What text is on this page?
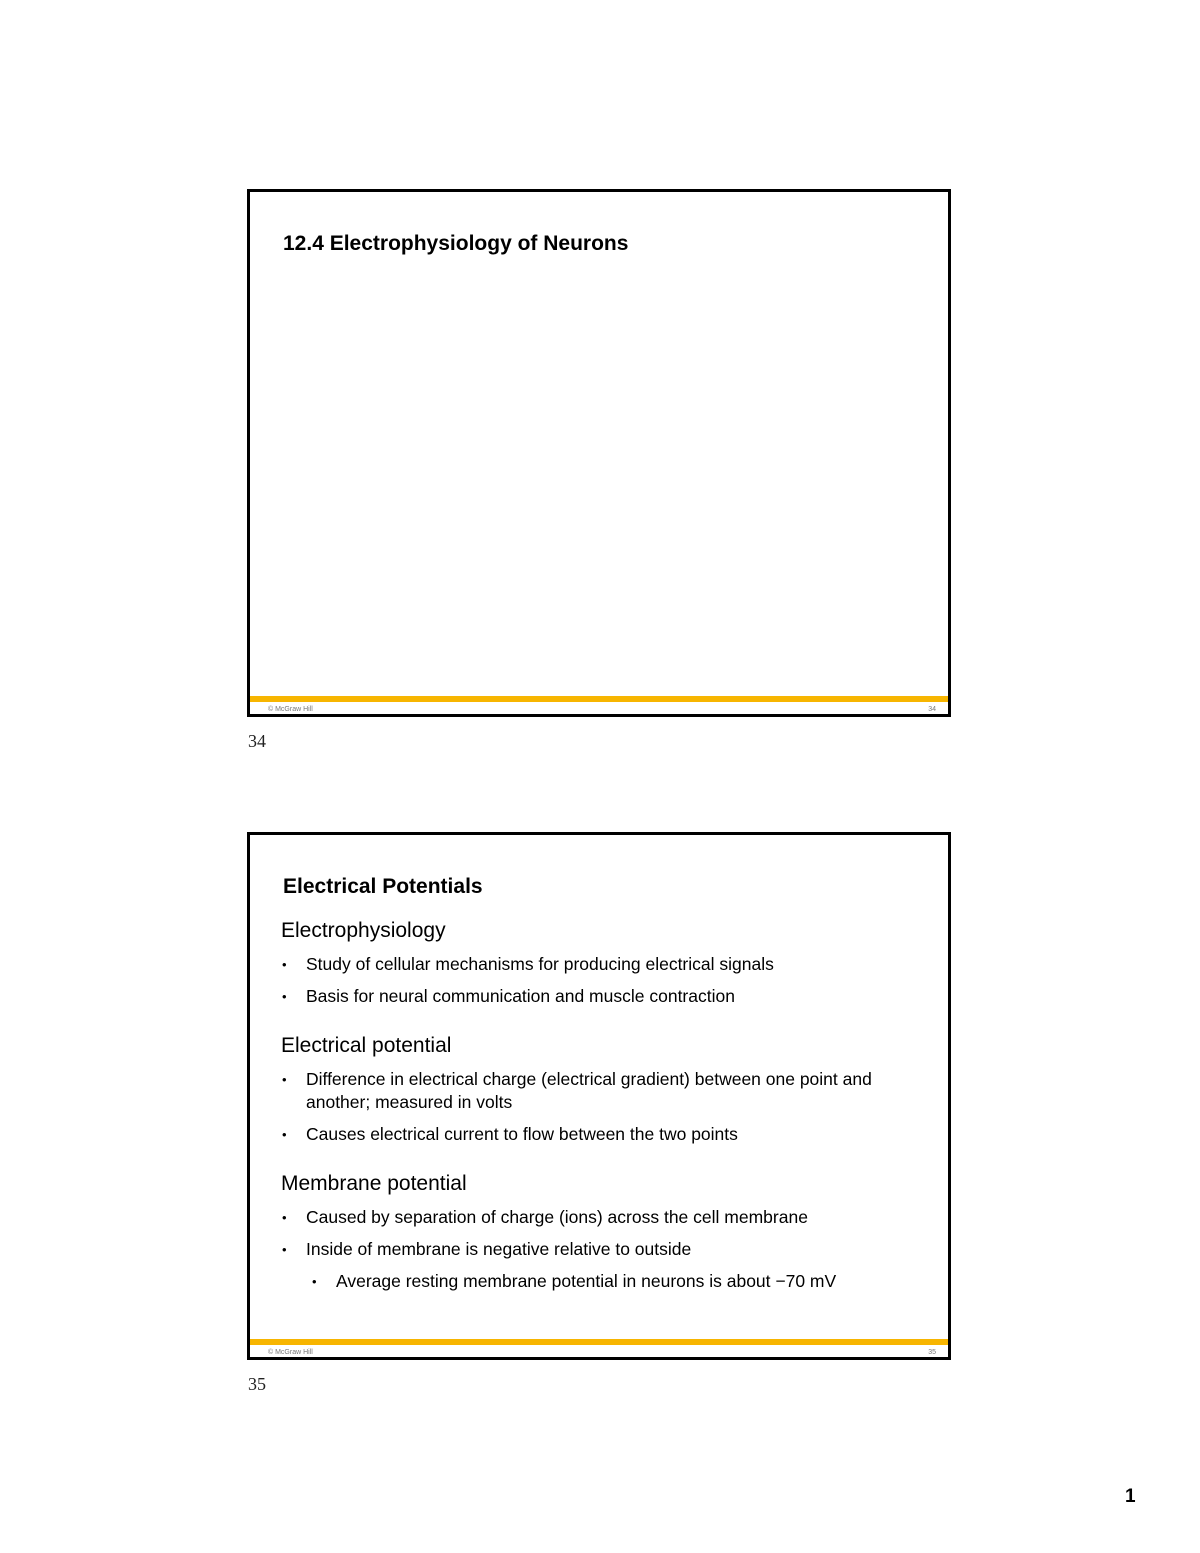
12.4 Electrophysiology of Neurons
© McGraw Hill	34
34
Electrical Potentials
Electrophysiology
• Study of cellular mechanisms for producing electrical signals
• Basis for neural communication and muscle contraction
Electrical potential
• Difference in electrical charge (electrical gradient) between one point and another; measured in volts
• Causes electrical current to flow between the two points
Membrane potential
• Caused by separation of charge (ions) across the cell membrane
• Inside of membrane is negative relative to outside
• Average resting membrane potential in neurons is about −70 mV
© McGraw Hill	35
35
1
